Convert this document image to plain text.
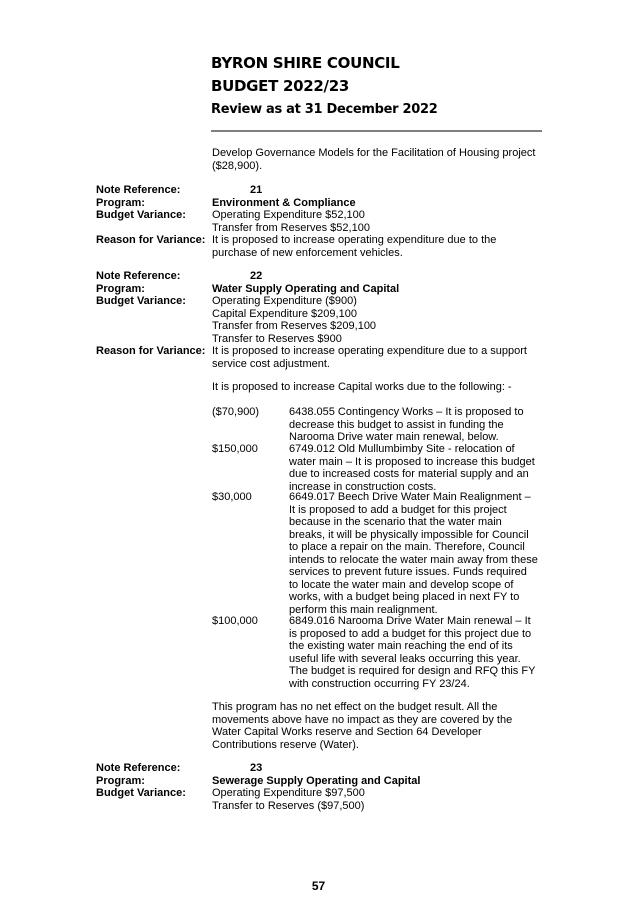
BYRON SHIRE COUNCIL
BUDGET 2022/23
Review as at 31 December 2022
Develop Governance Models for the Facilitation of Housing project ($28,900).
Note Reference:	21
Program:	Environment & Compliance
Budget Variance: Operating Expenditure $52,100
Transfer from Reserves $52,100
Reason for Variance: It is proposed to increase operating expenditure due to the purchase of new enforcement vehicles.
Note Reference:	22
Program:	Water Supply Operating and Capital
Budget Variance: Operating Expenditure ($900)
Capital Expenditure $209,100
Transfer from Reserves $209,100
Transfer to Reserves $900
Reason for Variance: It is proposed to increase operating expenditure due to a support service cost adjustment.
It is proposed to increase Capital works due to the following: -
($70,900)	6438.055 Contingency Works – It is proposed to decrease this budget to assist in funding the Narooma Drive water main renewal, below.
$150,000	6749.012 Old Mullumbimby Site - relocation of water main – It is proposed to increase this budget due to increased costs for material supply and an increase in construction costs.
$30,000	6649.017 Beech Drive Water Main Realignment – It is proposed to add a budget for this project because in the scenario that the water main breaks, it will be physically impossible for Council to place a repair on the main. Therefore, Council intends to relocate the water main away from these services to prevent future issues. Funds required to locate the water main and develop scope of works, with a budget being placed in next FY to perform this main realignment.
$100,000	6849.016 Narooma Drive Water Main renewal – It is proposed to add a budget for this project due to the existing water main reaching the end of its useful life with several leaks occurring this year. The budget is required for design and RFQ this FY with construction occurring FY 23/24.
This program has no net effect on the budget result. All the movements above have no impact as they are covered by the Water Capital Works reserve and Section 64 Developer Contributions reserve (Water).
Note Reference:	23
Program:	Sewerage Supply Operating and Capital
Budget Variance: Operating Expenditure $97,500
Transfer to Reserves ($97,500)
57
